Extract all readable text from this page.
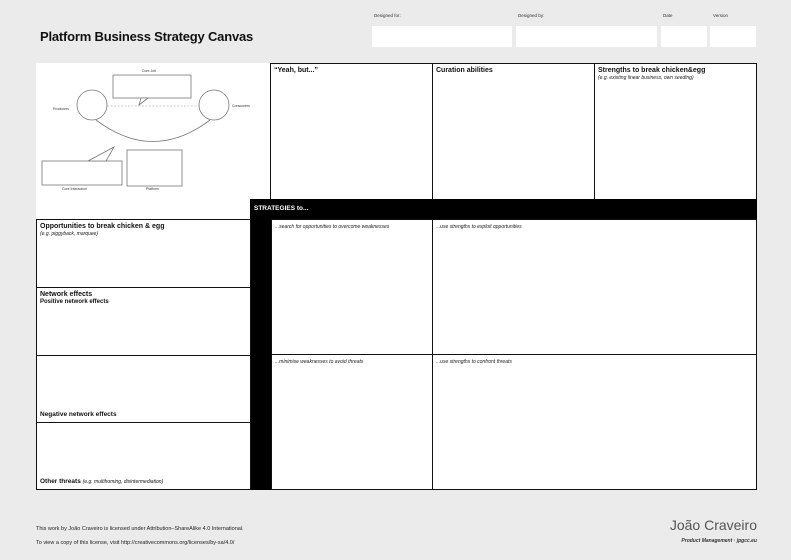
Platform Business Strategy Canvas
Designed for:	Designed by:	Date	Version
Core Job
Producers
Consumers
Core Interaction	Platform
“Yeah, but...”	Curation abilities	Strengths to break chicken&egg
(e.g. existing linear business, own seeding)
STRATEGIES to...
Opportunities to break chicken & egg
(e.g. piggyback, marquee)
Network effects
Positive network effects
Negative network effects
Other threats (e.g. multihoming, disintermediation)
...search for opportunities to overcome weaknesses	...use strengths to exploit opportunities
...minimise weaknesses to avoid threats	...use strengths to confront threats
This work by João Craveiro is licensed under Attribution–ShareAlike 4.0 International.
To view a copy of this license, visit http://creativecommons.org/licenses/by-sa/4.0/
João Craveiro
Product Management · jpgcc.eu
